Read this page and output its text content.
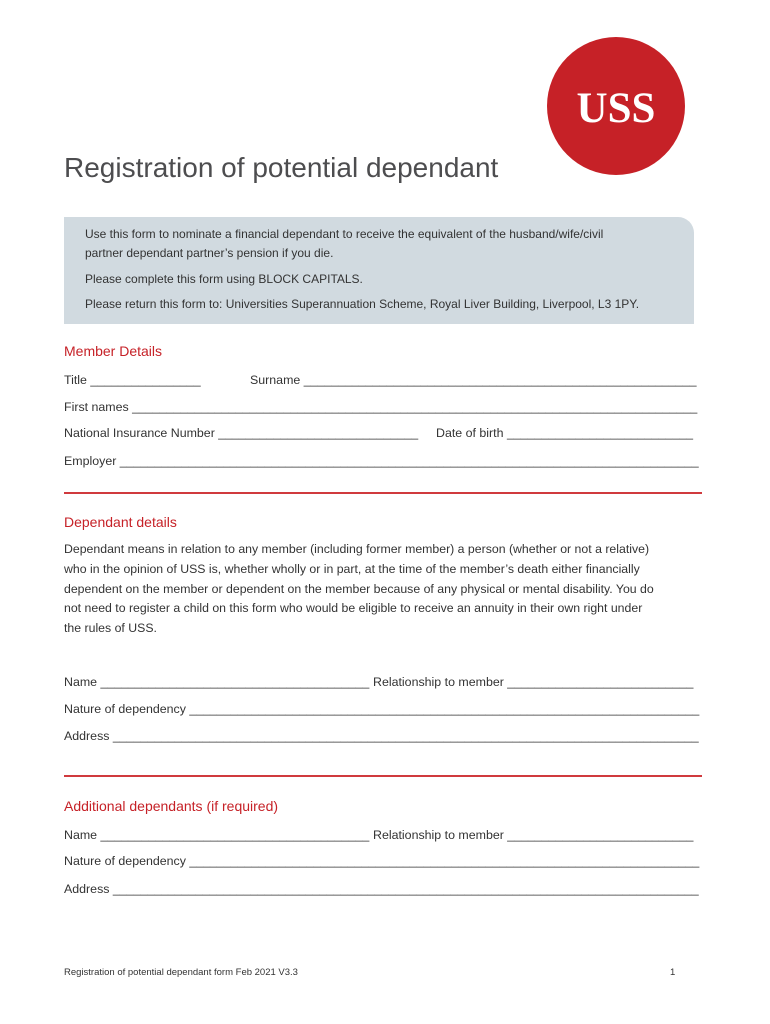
USS
Registration of potential dependant

Use this form to nominate a financial dependant to receive the equivalent of the husband/wife/civil

partner dependant partner’s pension if you die.

Please complete this form using BLOCK CAPITALS.

Please return this form to: Universities Superannuation Scheme, Royal Liver Building, Liverpool, L3 1PY.

Member Details
Title ________________	Surname _________________________________________________________
First names __________________________________________________________________________________
National Insurance Number _____________________________ Date of birth ___________________________
Employer ____________________________________________________________________________________
Dependant details
Dependant means in relation to any member (including former member) a person (whether or not a relative)
who in the opinion of USS is, whether wholly or in part, at the time of the member’s death either financially
dependent on the member or dependent on the member because of any physical or mental disability. You do
not need to register a child on this form who would be eligible to receive an annuity in their own right under
the rules of USS.
Name _______________________________________ Relationship to member ___________________________
Nature of dependency __________________________________________________________________________
Address _____________________________________________________________________________________
Additional dependants (if required)
Name _______________________________________ Relationship to member ___________________________
Nature of dependency __________________________________________________________________________
Address _____________________________________________________________________________________
Registration of potential dependant form Feb 2021 V3.3	1
